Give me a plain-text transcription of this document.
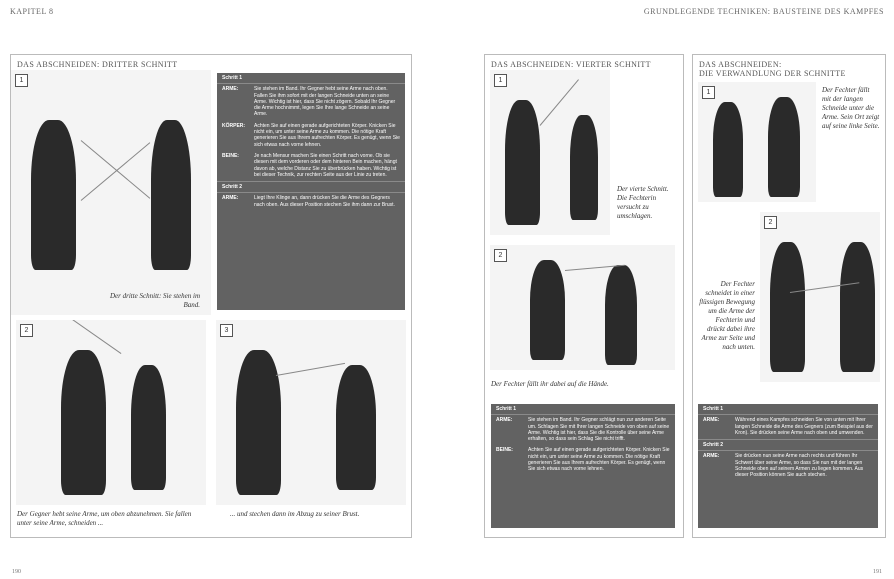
KAPITEL 8	GRUNDLEGENDE TECHNIKEN: BAUSTEINE DES KAMPFES
DAS ABSCHNEIDEN: DRITTER SCHNITT
1
Der dritte Schnitt: Sie stehen im Band.
Schritt 1
ARME:	Sie stehen im Band. Ihr Gegner hebt seine Arme nach oben. Fallen Sie ihm sofort mit der langen Schneide unten an seine Arme. Wichtig ist hier, dass Sie nicht zögern. Sobald Ihr Gegner die Arme hochnimmt, legen Sie Ihre lange Schneide an seine Arme.
KÖRPER:	Achten Sie auf einen gerade aufgerichteten Körper. Knicken Sie nicht ein, um unter seine Arme zu kommen. Die nötige Kraft generieren Sie aus Ihrem aufrechten Körper. Es genügt, wenn Sie sich etwas nach vorne lehnen.
BEINE:	Je nach Mensur machen Sie einen Schritt nach vorne. Ob sie diesen mit dem vorderen oder dem hinteren Bein machen, hängt davon ab, welche Distanz Sie zu überbrücken haben. Wichtig ist bei dieser Technik, zur rechten Seite aus der Linie zu treten.
Schritt 2
ARME:	Liegt Ihre Klinge an, dann drücken Sie die Arme des Gegners nach oben. Aus dieser Position stechen Sie ihm dann zur Brust.
2
Der Gegner hebt seine Arme, um oben abzunehmen. Sie fallen unter seine Arme, schneiden ...
3
... und stechen dann im Abzug zu seiner Brust.
190
DAS ABSCHNEIDEN: VIERTER SCHNITT
1
Der vierte Schnitt. Die Fechterin versucht zu umschlagen.
2
Der Fechter fällt ihr dabei auf die Hände.
Schritt 1
ARME:	Sie stehen im Band. Ihr Gegner schlägt nun zur anderen Seite um. Schlagen Sie mit Ihrer langen Schneide von oben auf seine Arme. Wichtig ist hier, dass Sie die Kontrolle über seine Arme erhalten, so dass sein Schlag Sie nicht trifft.
BEINE:	Achten Sie auf einen gerade aufgerichteten Körper. Knicken Sie nicht ein, um unter seine Arme zu kommen. Die nötige Kraft generieren Sie aus Ihrem aufrechten Körper. Es genügt, wenn Sie sich etwas nach vorne lehnen.
DAS ABSCHNEIDEN:
DIE VERWANDLUNG DER SCHNITTE
1	Der Fechter fällt mit der langen Schneide unter die Arme. Sein Ort zeigt auf seine linke Seite.
2
Der Fechter schneidet in einer flüssigen Bewegung um die Arme der Fechterin und drückt dabei ihre Arme zur Seite und nach unten.
Schritt 1
ARME:	Während eines Kampfes schneiden Sie von unten mit Ihrer langen Schneide die Arme des Gegners (zum Beispiel aus der Kron). Sie drücken seine Arme nach oben und umwenden.
Schritt 2
ARME:	Sie drücken nun seine Arme nach rechts und führen Ihr Schwert über seine Arme, so dass Sie nun mit der langen Schneide oben auf seinem Armen zu liegen kommen. Aus dieser Position können Sie auch stechen.
191
